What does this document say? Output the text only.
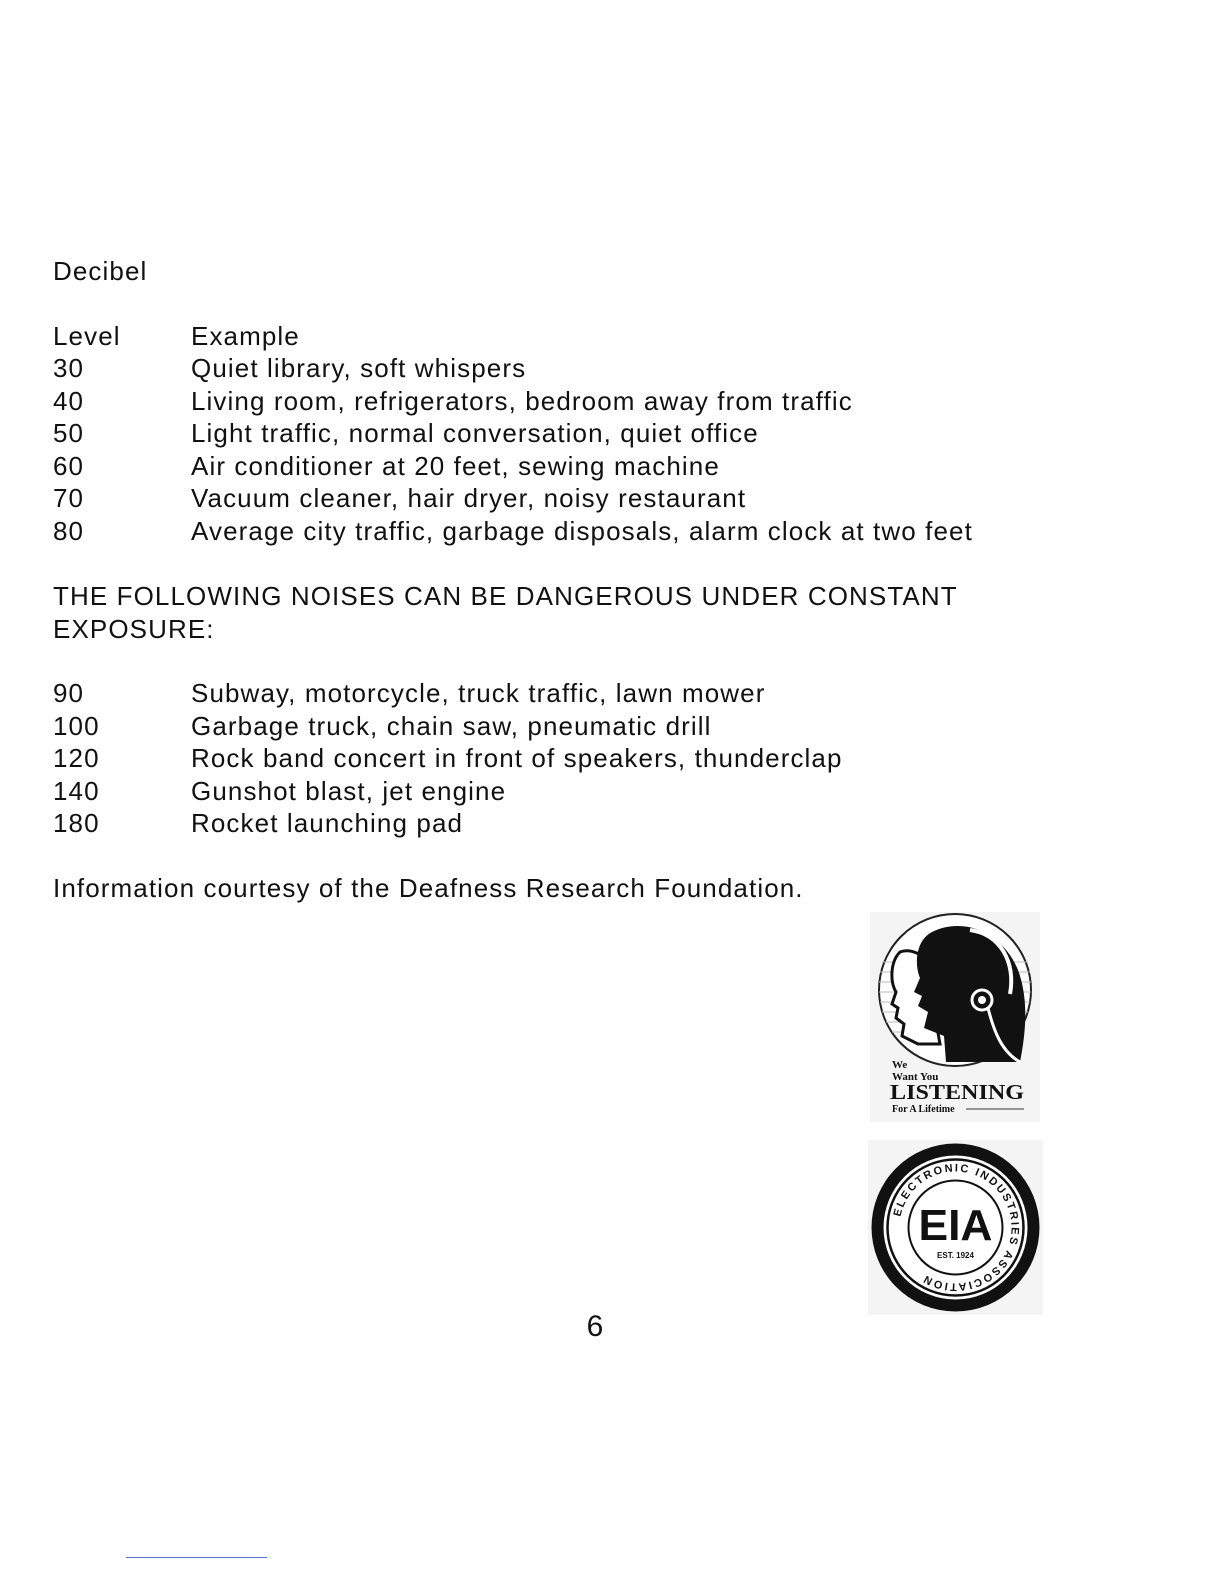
Decibel
Level	Example
30	Quiet library, soft whispers
40	Living room, refrigerators, bedroom away from traffic
50	Light traffic, normal conversation, quiet office
60	Air conditioner at 20 feet, sewing machine
70	Vacuum cleaner, hair dryer, noisy restaurant
80	Average city traffic, garbage disposals, alarm clock at two feet
THE FOLLOWING NOISES CAN BE DANGEROUS UNDER CONSTANT EXPOSURE:
90	Subway, motorcycle, truck traffic, lawn mower
100	Garbage truck, chain saw, pneumatic drill
120	Rock band concert in front of speakers, thunderclap
140	Gunshot blast, jet engine
180	Rocket launching pad
Information courtesy of the Deafness Research Foundation.
We
Want You
LISTENING
For A Lifetime
ELECTRONIC INDUSTRIES ASSOCIATION
EIA
EST. 1924
6
